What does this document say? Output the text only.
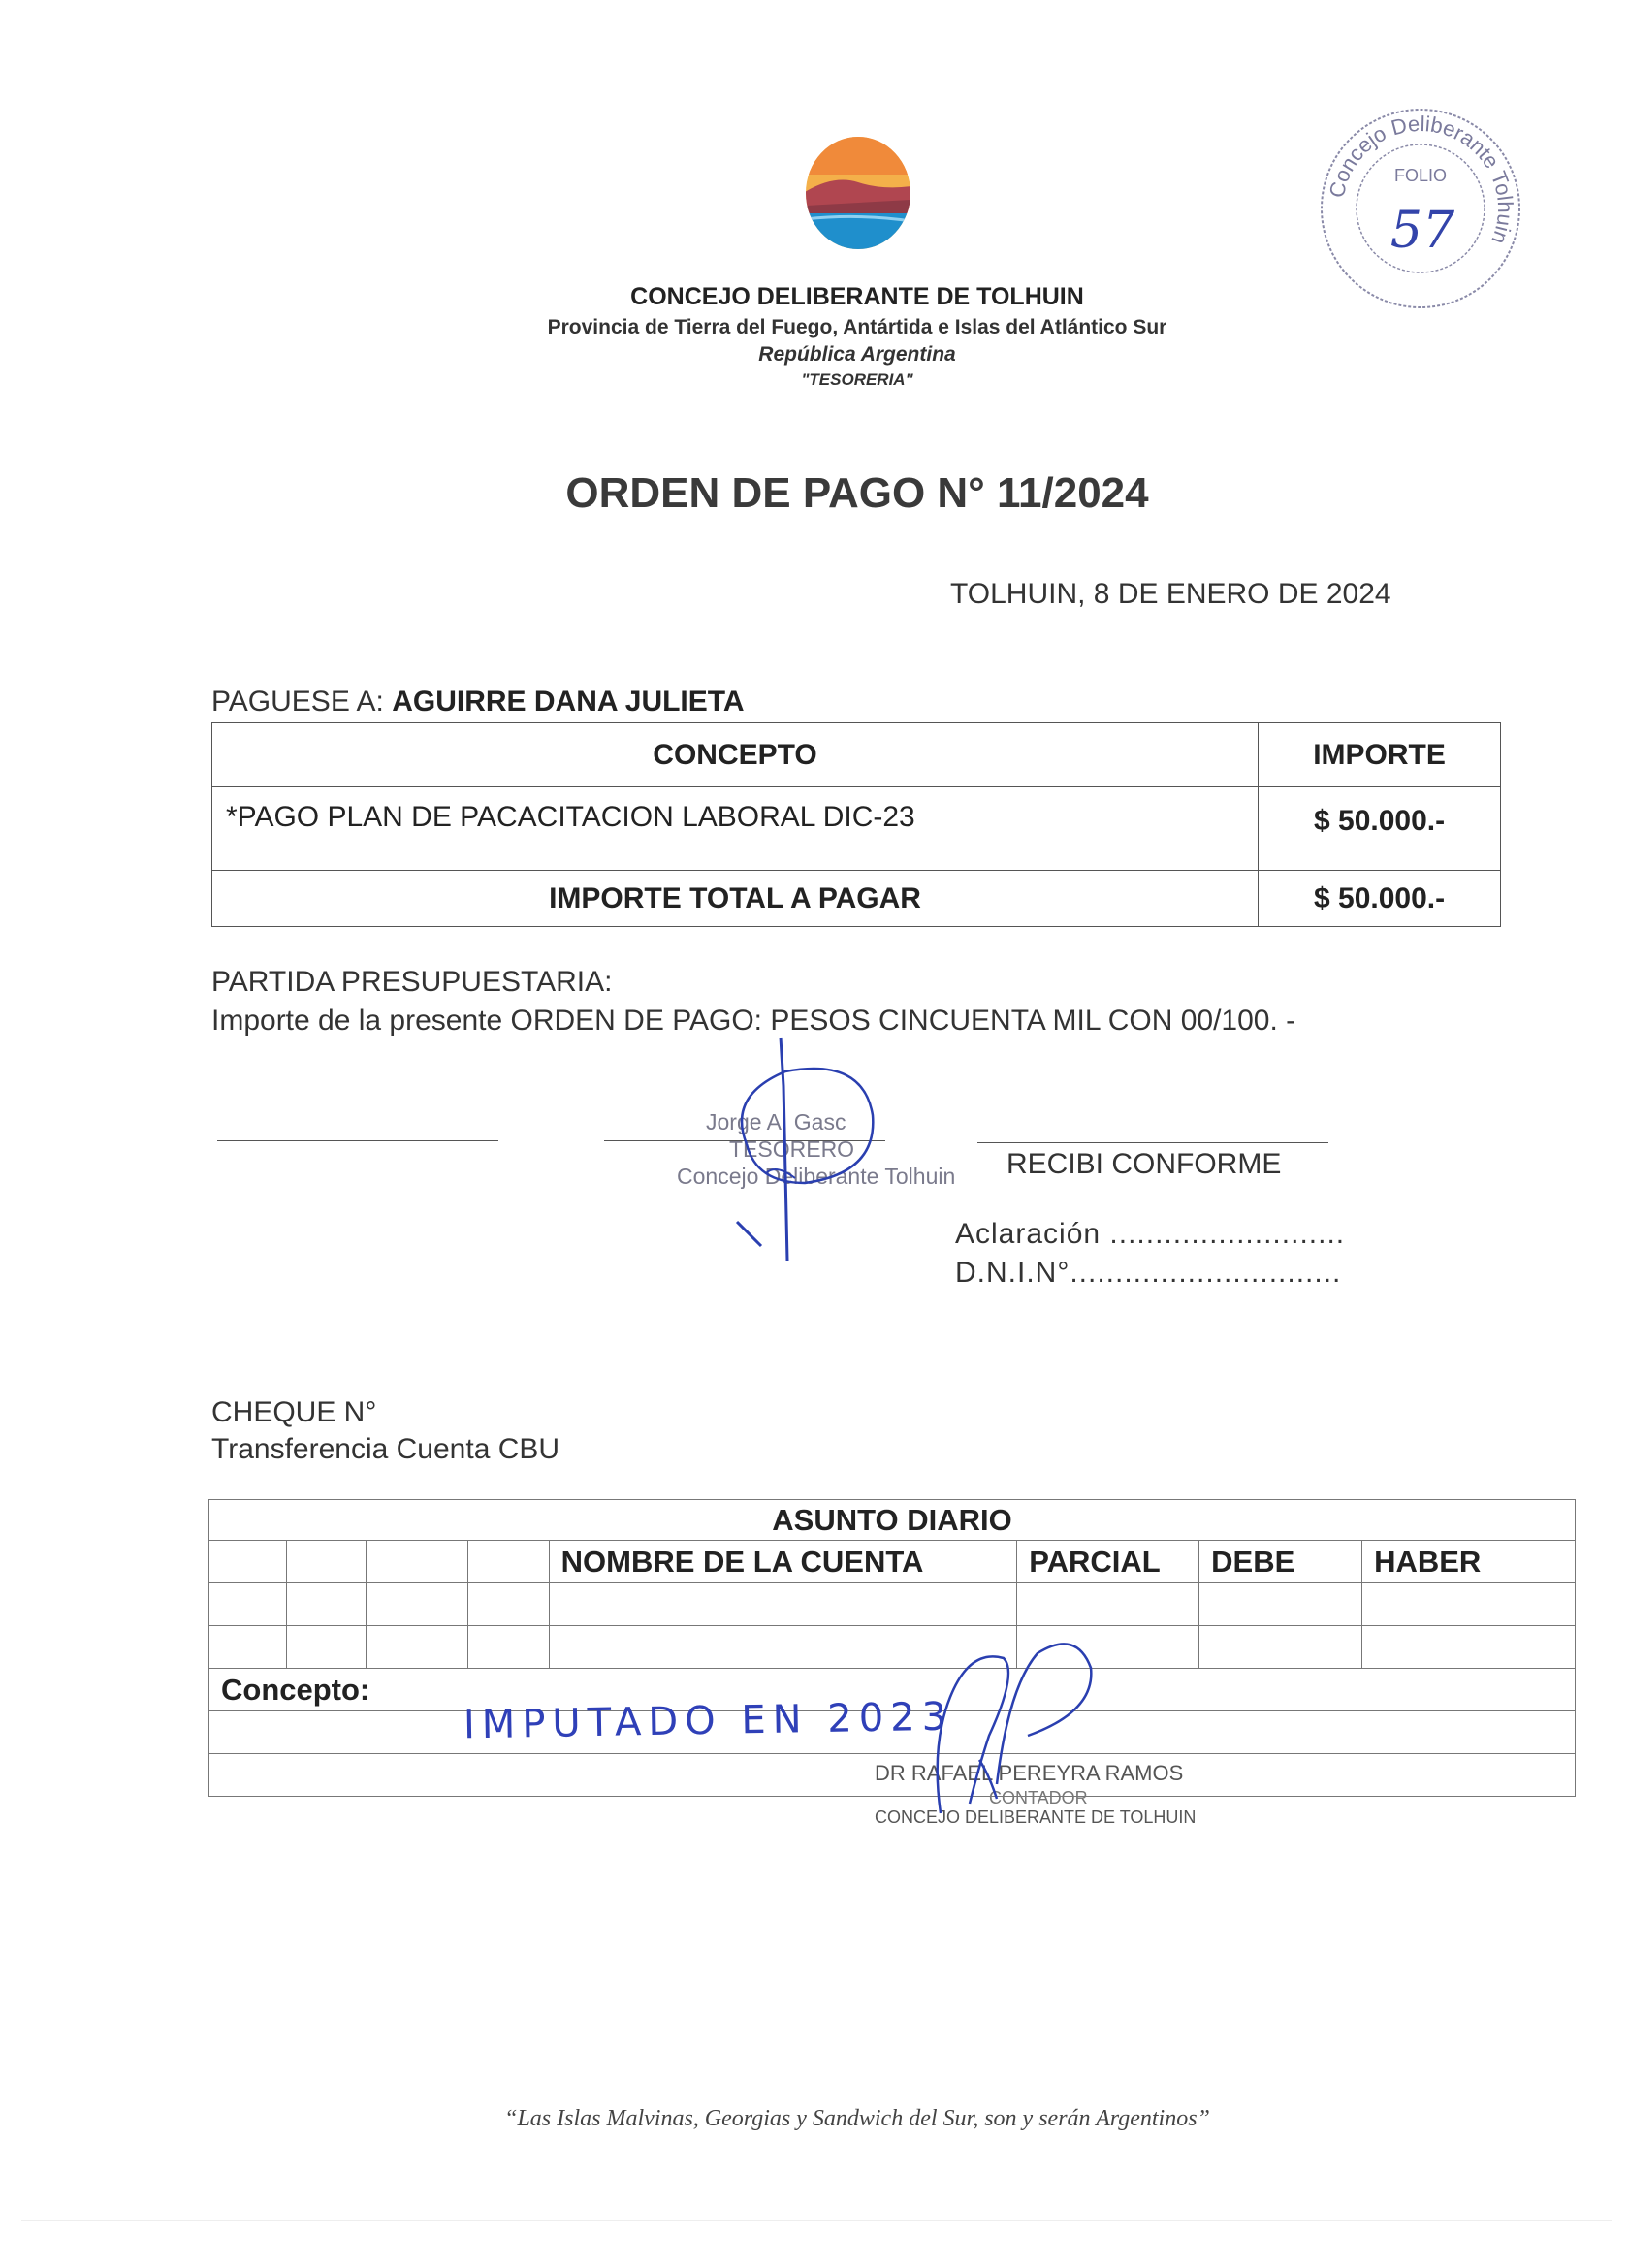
CONCEJO DELIBERANTE DE TOLHUIN
Provincia de Tierra del Fuego, Antártida e Islas del Atlántico Sur
República Argentina
"TESORERIA"
Concejo Deliberante Tolhuin
FOLIO
57
ORDEN DE PAGO N° 11/2024
TOLHUIN, 8 DE ENERO DE 2024
PAGUESE A: AGUIRRE DANA JULIETA
CONCEPTO	IMPORTE
*PAGO PLAN DE PACACITACION LABORAL DIC-23	$ 50.000.-
IMPORTE TOTAL A PAGAR	$ 50.000.-
PARTIDA PRESUPUESTARIA:
Importe de la presente ORDEN DE PAGO: PESOS CINCUENTA MIL CON 00/100. -
Jorge A. Gasc
TESORERO
Concejo Deliberante Tolhuin RECIBI CONFORME
Aclaración ..........................
D.N.I.N°..............................
CHEQUE N°
Transferencia Cuenta CBU
ASUNTO DIARIO							
				NOMBRE DE LA CUENTA	PARCIAL	DEBE	HABER

Concepto:							

IMPUTADO EN 2023
DR RAFAEL PEREYRA RAMOS
CONTADOR
CONCEJO DELIBERANTE DE TOLHUIN
“Las Islas Malvinas, Georgias y Sandwich del Sur, son y serán Argentinos”
